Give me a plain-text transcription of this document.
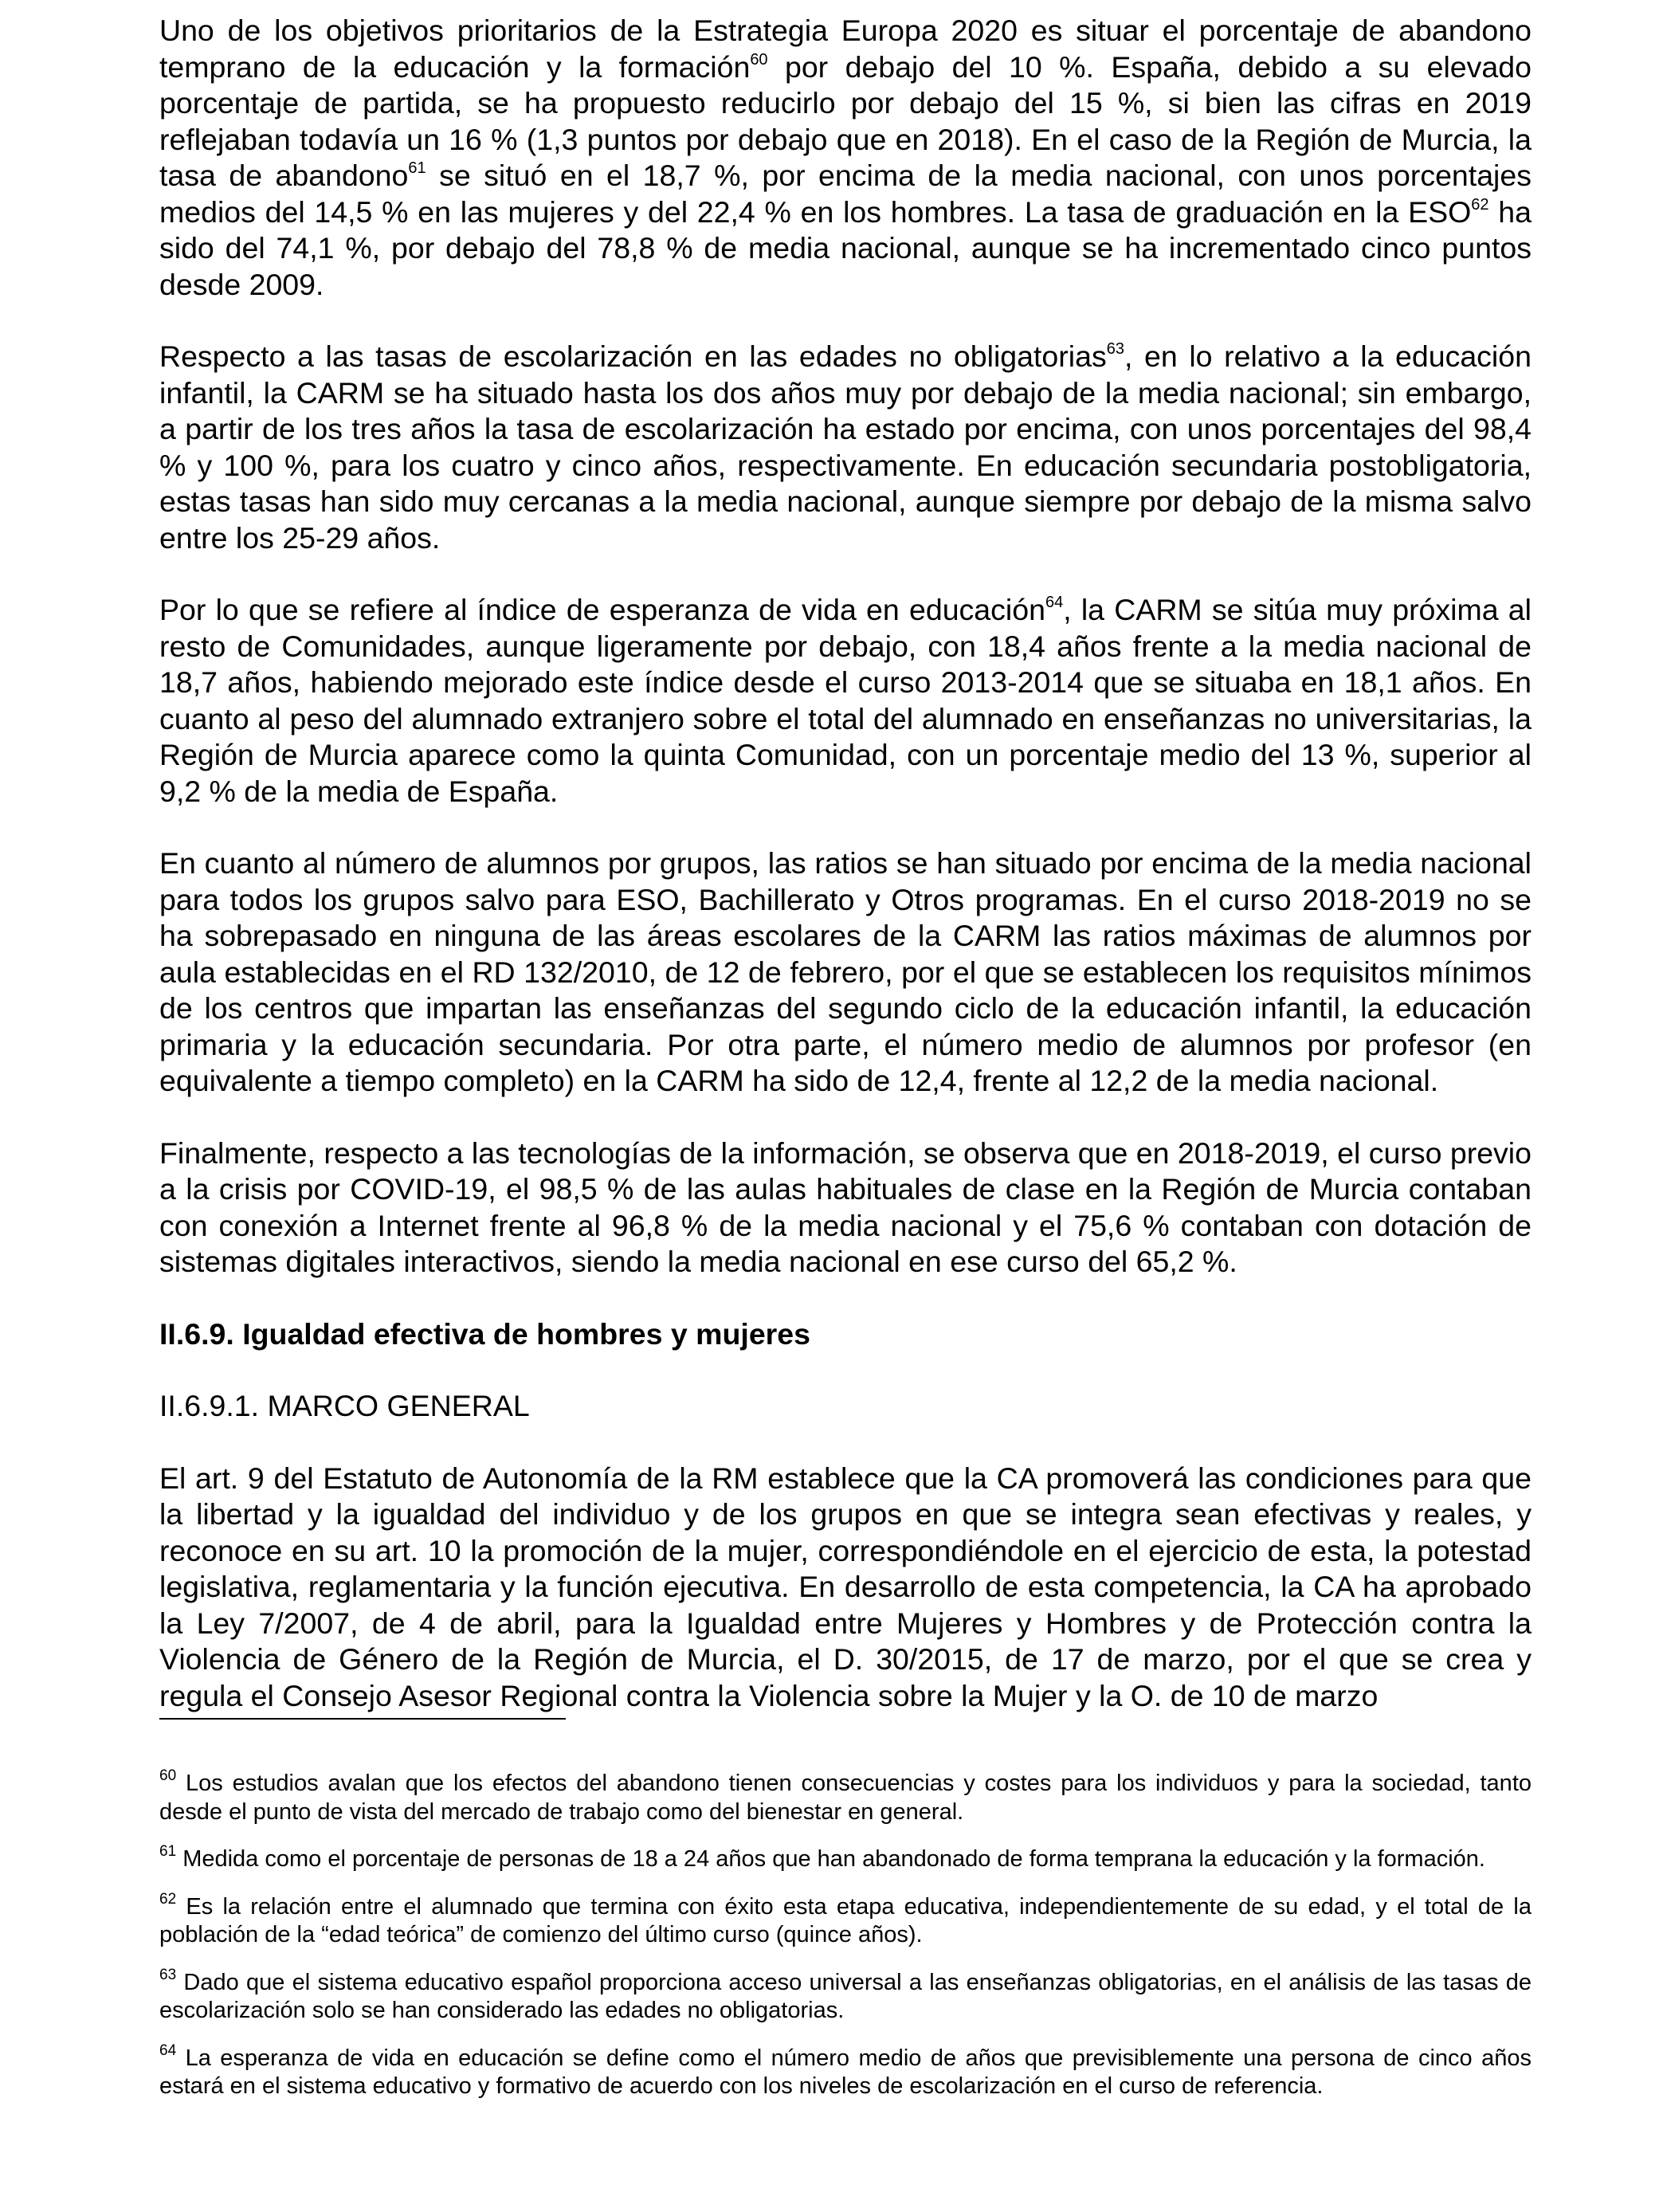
Uno de los objetivos prioritarios de la Estrategia Europa 2020 es situar el porcentaje de abandono temprano de la educación y la formación$^{60}$ por debajo del 10 %. España, debido a su elevado porcentaje de partida, se ha propuesto reducirlo por debajo del 15 %, si bien las cifras en 2019 reflejaban todavía un 16 % (1,3 puntos por debajo que en 2018). En el caso de la Región de Murcia, la tasa de abandono$^{61}$ se situó en el 18,7 %, por encima de la media nacional, con unos porcentajes medios del 14,5 % en las mujeres y del 22,4 % en los hombres. La tasa de graduación en la ESO$^{62}$ ha sido del 74,1 %, por debajo del 78,8 % de media nacional, aunque se ha incrementado cinco puntos desde 2009.

Respecto a las tasas de escolarización en las edades no obligatorias$^{63}$, en lo relativo a la educación infantil, la CARM se ha situado hasta los dos años muy por debajo de la media nacional; sin embargo, a partir de los tres años la tasa de escolarización ha estado por encima, con unos porcentajes del 98,4 % y 100 %, para los cuatro y cinco años, respectivamente. En educación secundaria postobligatoria, estas tasas han sido muy cercanas a la media nacional, aunque siempre por debajo de la misma salvo entre los 25-29 años.

Por lo que se refiere al índice de esperanza de vida en educación$^{64}$, la CARM se sitúa muy próxima al resto de Comunidades, aunque ligeramente por debajo, con 18,4 años frente a la media nacional de 18,7 años, habiendo mejorado este índice desde el curso 2013-2014 que se situaba en 18,1 años. En cuanto al peso del alumnado extranjero sobre el total del alumnado en enseñanzas no universitarias, la Región de Murcia aparece como la quinta Comunidad, con un porcentaje medio del 13 %, superior al 9,2 % de la media de España.

En cuanto al número de alumnos por grupos, las ratios se han situado por encima de la media nacional para todos los grupos salvo para ESO, Bachillerato y Otros programas. En el curso 2018-2019 no se ha sobrepasado en ninguna de las áreas escolares de la CARM las ratios máximas de alumnos por aula establecidas en el RD 132/2010, de 12 de febrero, por el que se establecen los requisitos mínimos de los centros que impartan las enseñanzas del segundo ciclo de la educación infantil, la educación primaria y la educación secundaria. Por otra parte, el número medio de alumnos por profesor (en equivalente a tiempo completo) en la CARM ha sido de 12,4, frente al 12,2 de la media nacional.

Finalmente, respecto a las tecnologías de la información, se observa que en 2018-2019, el curso previo a la crisis por COVID-19, el 98,5 % de las aulas habituales de clase en la Región de Murcia contaban con conexión a Internet frente al 96,8 % de la media nacional y el 75,6 % contaban con dotación de sistemas digitales interactivos, siendo la media nacional en ese curso del 65,2 %.

II.6.9. Igualdad efectiva de hombres y mujeres
II.6.9.1. MARCO GENERAL

El art. 9 del Estatuto de Autonomía de la RM establece que la CA promoverá las condiciones para que la libertad y la igualdad del individuo y de los grupos en que se integra sean efectivas y reales, y reconoce en su art. 10 la promoción de la mujer, correspondiéndole en el ejercicio de esta, la potestad legislativa, reglamentaria y la función ejecutiva. En desarrollo de esta competencia, la CA ha aprobado la Ley 7/2007, de 4 de abril, para la Igualdad entre Mujeres y Hombres y de Protección contra la Violencia de Género de la Región de Murcia, el D. 30/2015, de 17 de marzo, por el que se crea y regula el Consejo Asesor Regional contra la Violencia sobre la Mujer y la O. de 10 de marzo

$^{60}$ Los estudios avalan que los efectos del abandono tienen consecuencias y costes para los individuos y para la sociedad, tanto desde el punto de vista del mercado de trabajo como del bienestar en general.

$^{61}$ Medida como el porcentaje de personas de 18 a 24 años que han abandonado de forma temprana la educación y la formación.

$^{62}$ Es la relación entre el alumnado que termina con éxito esta etapa educativa, independientemente de su edad, y el total de la población de la “edad teórica” de comienzo del último curso (quince años).

$^{63}$ Dado que el sistema educativo español proporciona acceso universal a las enseñanzas obligatorias, en el análisis de las tasas de escolarización solo se han considerado las edades no obligatorias.

$^{64}$ La esperanza de vida en educación se define como el número medio de años que previsiblemente una persona de cinco años estará en el sistema educativo y formativo de acuerdo con los niveles de escolarización en el curso de referencia.
